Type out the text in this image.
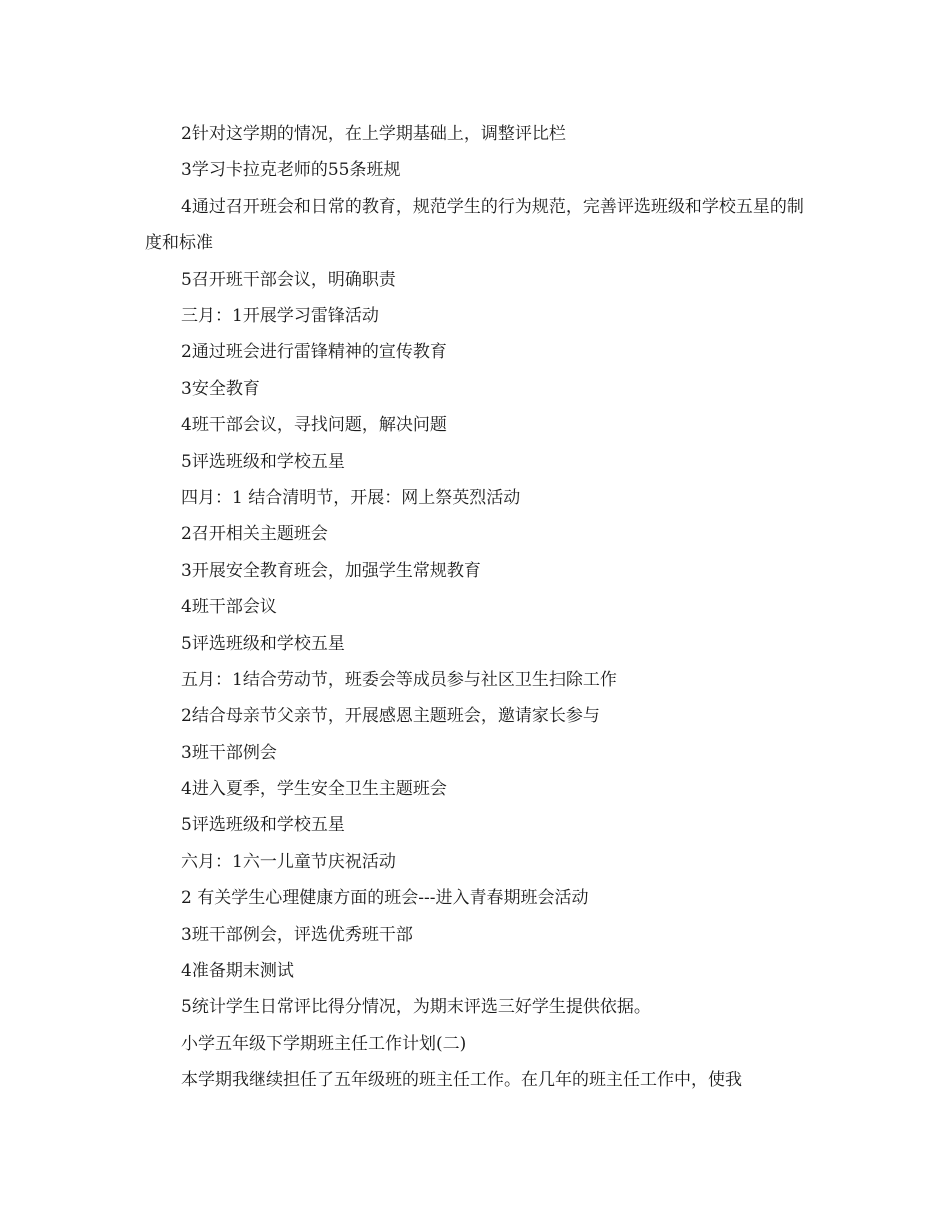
2针对这学期的情况，在上学期基础上，调整评比栏
3学习卡拉克老师的55条班规
4通过召开班会和日常的教育，规范学生的行为规范，完善评选班级和学校五星的制度和标准
5召开班干部会议，明确职责
三月：1开展学习雷锋活动
2通过班会进行雷锋精神的宣传教育
3安全教育
4班干部会议，寻找问题，解决问题
5评选班级和学校五星
四月：1 结合清明节，开展：网上祭英烈活动
2召开相关主题班会
3开展安全教育班会，加强学生常规教育
4班干部会议
5评选班级和学校五星
五月：1结合劳动节，班委会等成员参与社区卫生扫除工作
2结合母亲节父亲节，开展感恩主题班会，邀请家长参与
3班干部例会
4进入夏季，学生安全卫生主题班会
5评选班级和学校五星
六月：1六一儿童节庆祝活动
2 有关学生心理健康方面的班会---进入青春期班会活动
3班干部例会，评选优秀班干部
4准备期末测试
5统计学生日常评比得分情况，为期末评选三好学生提供依据。
小学五年级下学期班主任工作计划(二)
本学期我继续担任了五年级班的班主任工作。在几年的班主任工作中，使我
